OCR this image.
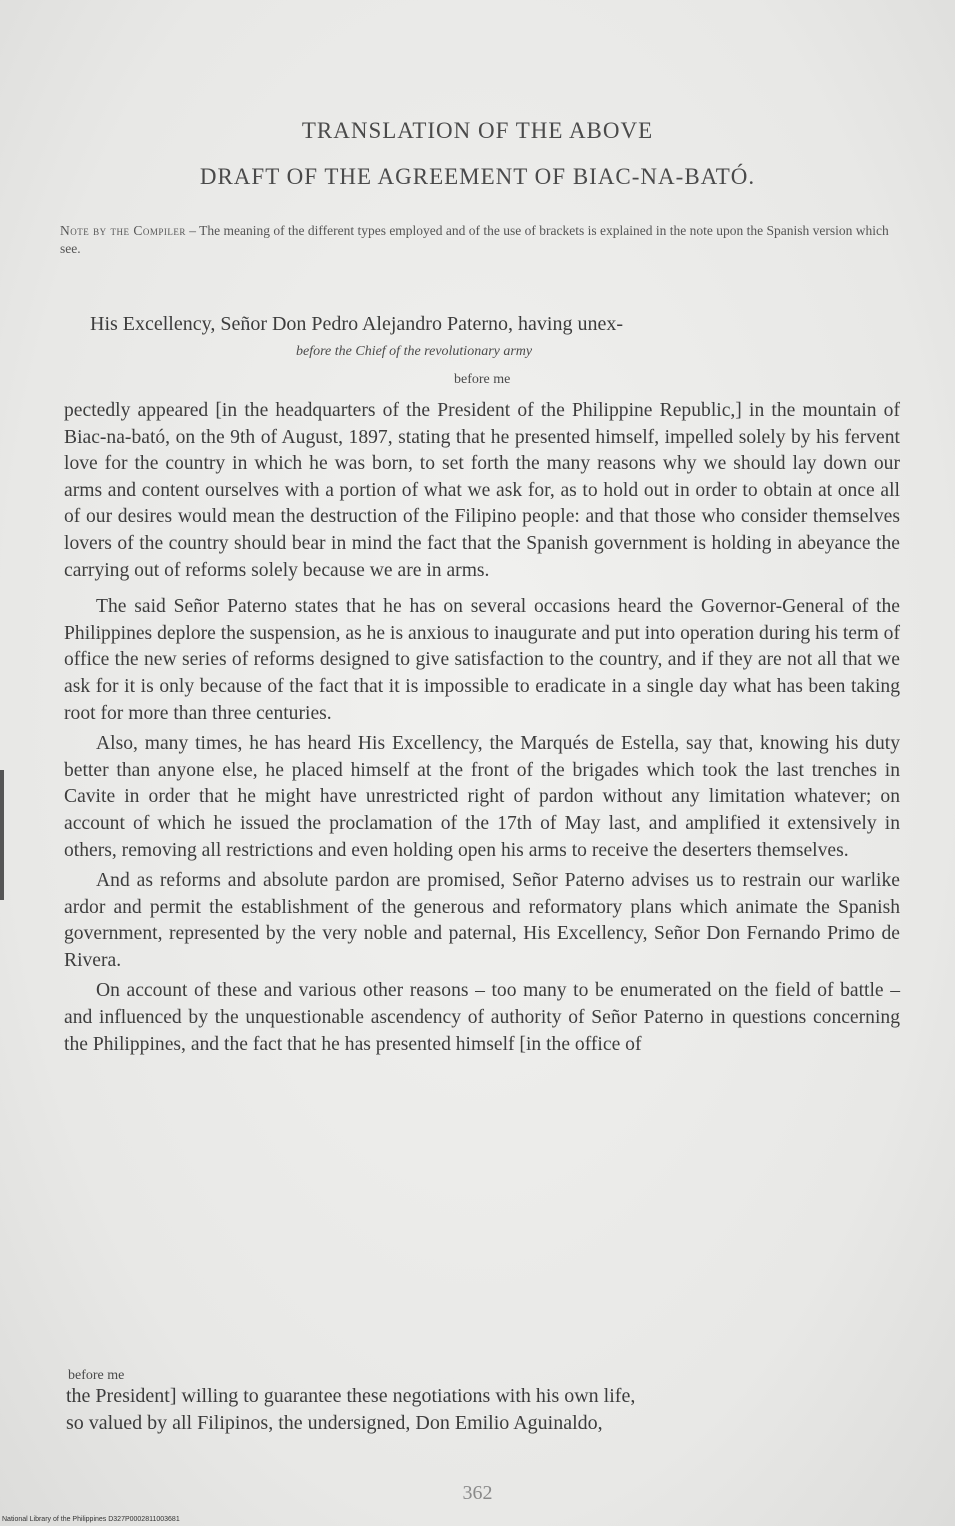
TRANSLATION OF THE ABOVE
DRAFT OF THE AGREEMENT OF BIAC-NA-BATÓ.
Note by the Compiler – The meaning of the different types employed and of the use of brackets is explained in the note upon the Spanish version which see.
His Excellency, Señor Don Pedro Alejandro Paterno, having unex-
before the Chief of the revolutionary army
before me

pectedly appeared [in the headquarters of the President of the Philippine Republic,] in the mountain of Biac-na-bató, on the 9th of August, 1897, stating that he presented himself, impelled solely by his fervent love for the country in which he was born, to set forth the many reasons why we should lay down our arms and content ourselves with a portion of what we ask for, as to hold out in order to obtain at once all of our desires would mean the destruction of the Filipino people: and that those who consider themselves lovers of the country should bear in mind the fact that the Spanish government is holding in abeyance the carrying out of reforms solely because we are in arms.

The said Señor Paterno states that he has on several occasions heard the Governor-General of the Philippines deplore the suspension, as he is anxious to inaugurate and put into operation during his term of office the new series of reforms designed to give satisfaction to the country, and if they are not all that we ask for it is only because of the fact that it is impossible to eradicate in a single day what has been taking root for more than three centuries.

Also, many times, he has heard His Excellency, the Marqués de Estella, say that, knowing his duty better than anyone else, he placed himself at the front of the brigades which took the last trenches in Cavite in order that he might have unrestricted right of pardon without any limitation whatever; on account of which he issued the proclamation of the 17th of May last, and amplified it extensively in others, removing all restrictions and even holding open his arms to receive the deserters themselves.

And as reforms and absolute pardon are promised, Señor Paterno advises us to restrain our warlike ardor and permit the establishment of the generous and reformatory plans which animate the Spanish government, represented by the very noble and paternal, His Excellency, Señor Don Fernando Primo de Rivera.

On account of these and various other reasons – too many to be enumerated on the field of battle – and influenced by the unquestionable ascendency of authority of Señor Paterno in questions concerning the Philippines, and the fact that he has presented himself [in the office of

before me
the President] willing to guarantee these negotiations with his own life,
so valued by all Filipinos, the undersigned, Don Emilio Aguinaldo,
362
National Library of the Philippines D327P0002811003681
